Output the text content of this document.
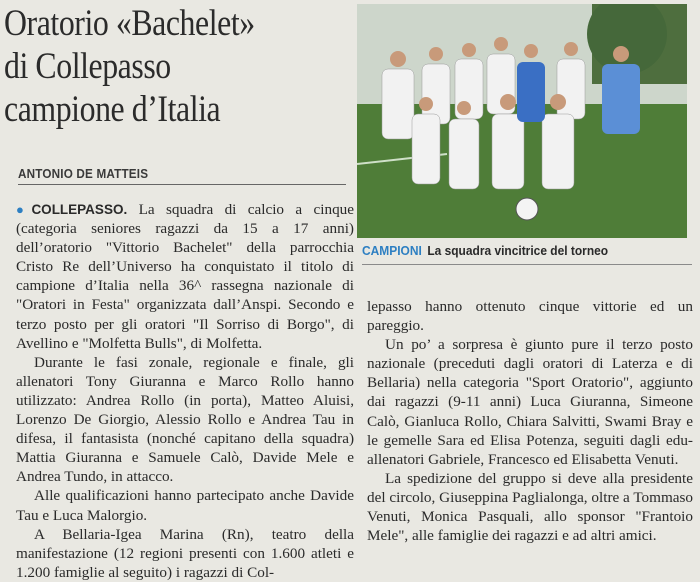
Oratorio «Bachelet»
di Collepasso
campione d’Italia
ANTONIO DE MATTEIS

●COLLEPASSO. La squadra di calcio a cinque (categoria seniores ragazzi da 15 a 17 anni) dell’oratorio "Vittorio Bachelet" della parrocchia Cristo Re dell’Universo ha conquistato il titolo di campione d’Italia nella 36^ rassegna nazionale di "Oratori in Festa" organizzata dall’Anspi. Secondo e terzo posto per gli oratori "Il Sorriso di Borgo", di Avellino e "Molfetta Bulls", di Molfetta.

Durante le fasi zonale, regionale e finale, gli allenatori Tony Giuranna e Marco Rollo hanno utilizzato: Andrea Rollo (in porta), Matteo Aluisi, Lorenzo De Giorgio, Alessio Rollo e Andrea Tau in difesa, il fantasista (nonché capitano della squadra) Mattia Giuranna e Samuele Calò, Davide Mele e Andrea Tundo, in attacco.

Alle qualificazioni hanno partecipato anche Davide Tau e Luca Malorgio.

A Bellaria-Igea Marina (Rn), teatro della manifestazione (12 regioni presenti con 1.600 atleti e 1.200 famiglie al seguito) i ragazzi di Col-

CAMPIONI La squadra vincitrice del torneo

lepasso hanno ottenuto cinque vittorie ed un pareggio.

Un po’ a sorpresa è giunto pure il terzo posto nazionale (preceduti dagli oratori di Laterza e di Bellaria) nella categoria "Sport Oratorio", aggiunto dai ragazzi (9-11 anni) Luca Giuranna, Simeone Calò, Gianluca Rollo, Chiara Salvitti, Swami Bray e le gemelle Sara ed Elisa Potenza, seguiti dagli edu-allenatori Gabriele, Francesco ed Elisabetta Venuti.

La spedizione del gruppo si deve alla presidente del circolo, Giuseppina Paglialonga, oltre a Tommaso Venuti, Monica Pasquali, allo sponsor "Frantoio Mele", alle famiglie dei ragazzi e ad altri amici.
